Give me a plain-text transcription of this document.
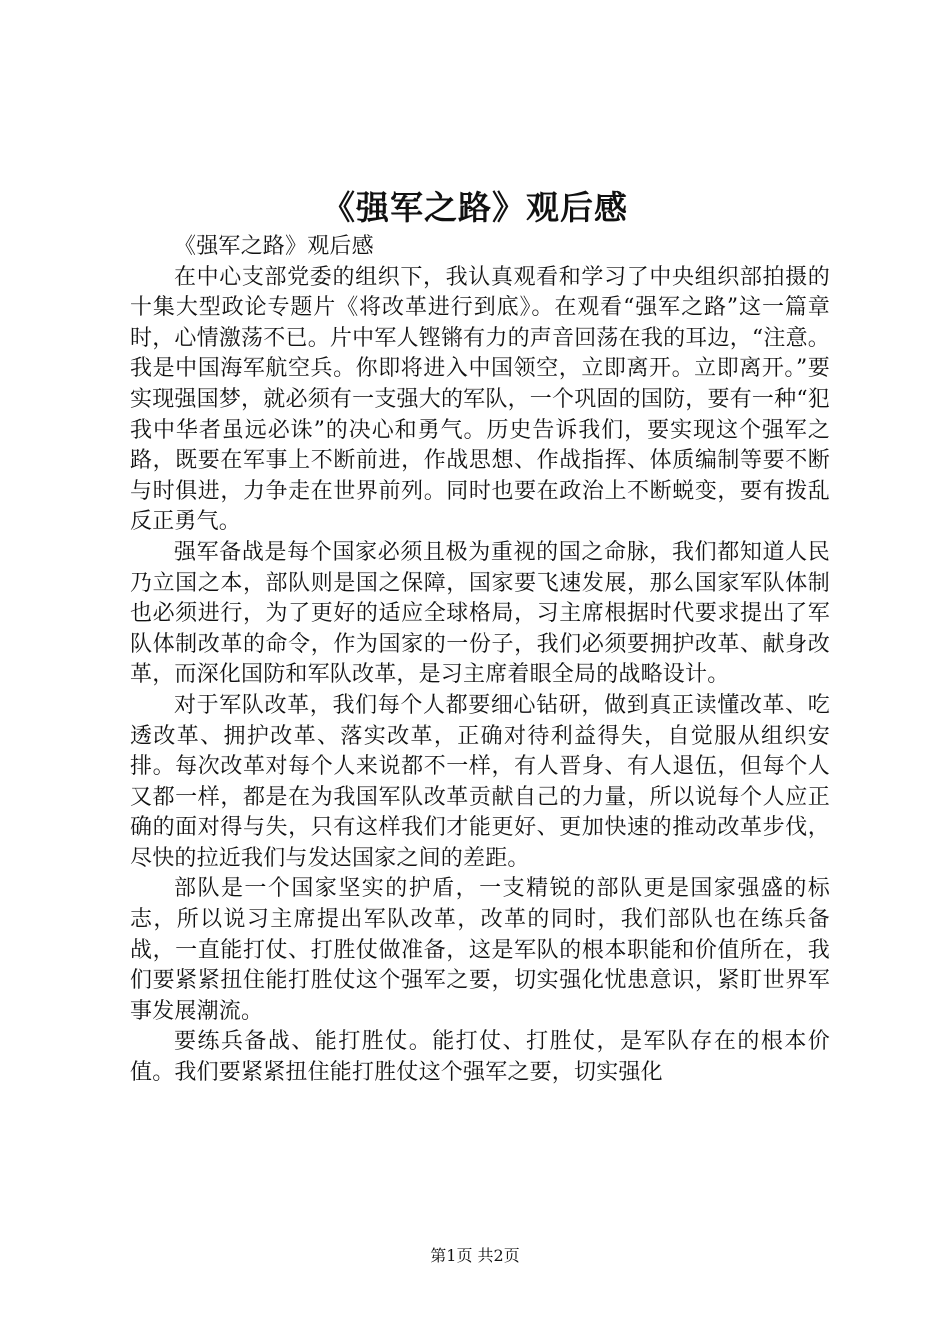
《强军之路》观后感

《强军之路》观后感

在中心支部党委的组织下，我认真观看和学习了中央组织部拍摄的十集大型政论专题片《将改革进行到底》。在观看“强军之路”这一篇章时，心情激荡不已。片中军人铿锵有力的声音回荡在我的耳边，“注意。我是中国海军航空兵。你即将进入中国领空，立即离开。立即离开。”要实现强国梦，就必须有一支强大的军队，一个巩固的国防，要有一种“犯我中华者虽远必诛”的决心和勇气。历史告诉我们，要实现这个强军之路，既要在军事上不断前进，作战思想、作战指挥、体质编制等要不断与时俱进，力争走在世界前列。同时也要在政治上不断蜕变，要有拨乱反正勇气。

强军备战是每个国家必须且极为重视的国之命脉，我们都知道人民乃立国之本，部队则是国之保障，国家要飞速发展，那么国家军队体制也必须进行，为了更好的适应全球格局，习主席根据时代要求提出了军队体制改革的命令，作为国家的一份子，我们必须要拥护改革、献身改革，而深化国防和军队改革，是习主席着眼全局的战略设计。

对于军队改革，我们每个人都要细心钻研，做到真正读懂改革、吃透改革、拥护改革、落实改革，正确对待利益得失，自觉服从组织安排。每次改革对每个人来说都不一样，有人晋身、有人退伍，但每个人又都一样，都是在为我国军队改革贡献自己的力量，所以说每个人应正确的面对得与失，只有这样我们才能更好、更加快速的推动改革步伐，尽快的拉近我们与发达国家之间的差距。

部队是一个国家坚实的护盾，一支精锐的部队更是国家强盛的标志，所以说习主席提出军队改革，改革的同时，我们部队也在练兵备战，一直能打仗、打胜仗做准备，这是军队的根本职能和价值所在，我们要紧紧扭住能打胜仗这个强军之要，切实强化忧患意识，紧盯世界军事发展潮流。

要练兵备战、能打胜仗。能打仗、打胜仗，是军队存在的根本价值。我们要紧紧扭住能打胜仗这个强军之要，切实强化

第1页 共2页
